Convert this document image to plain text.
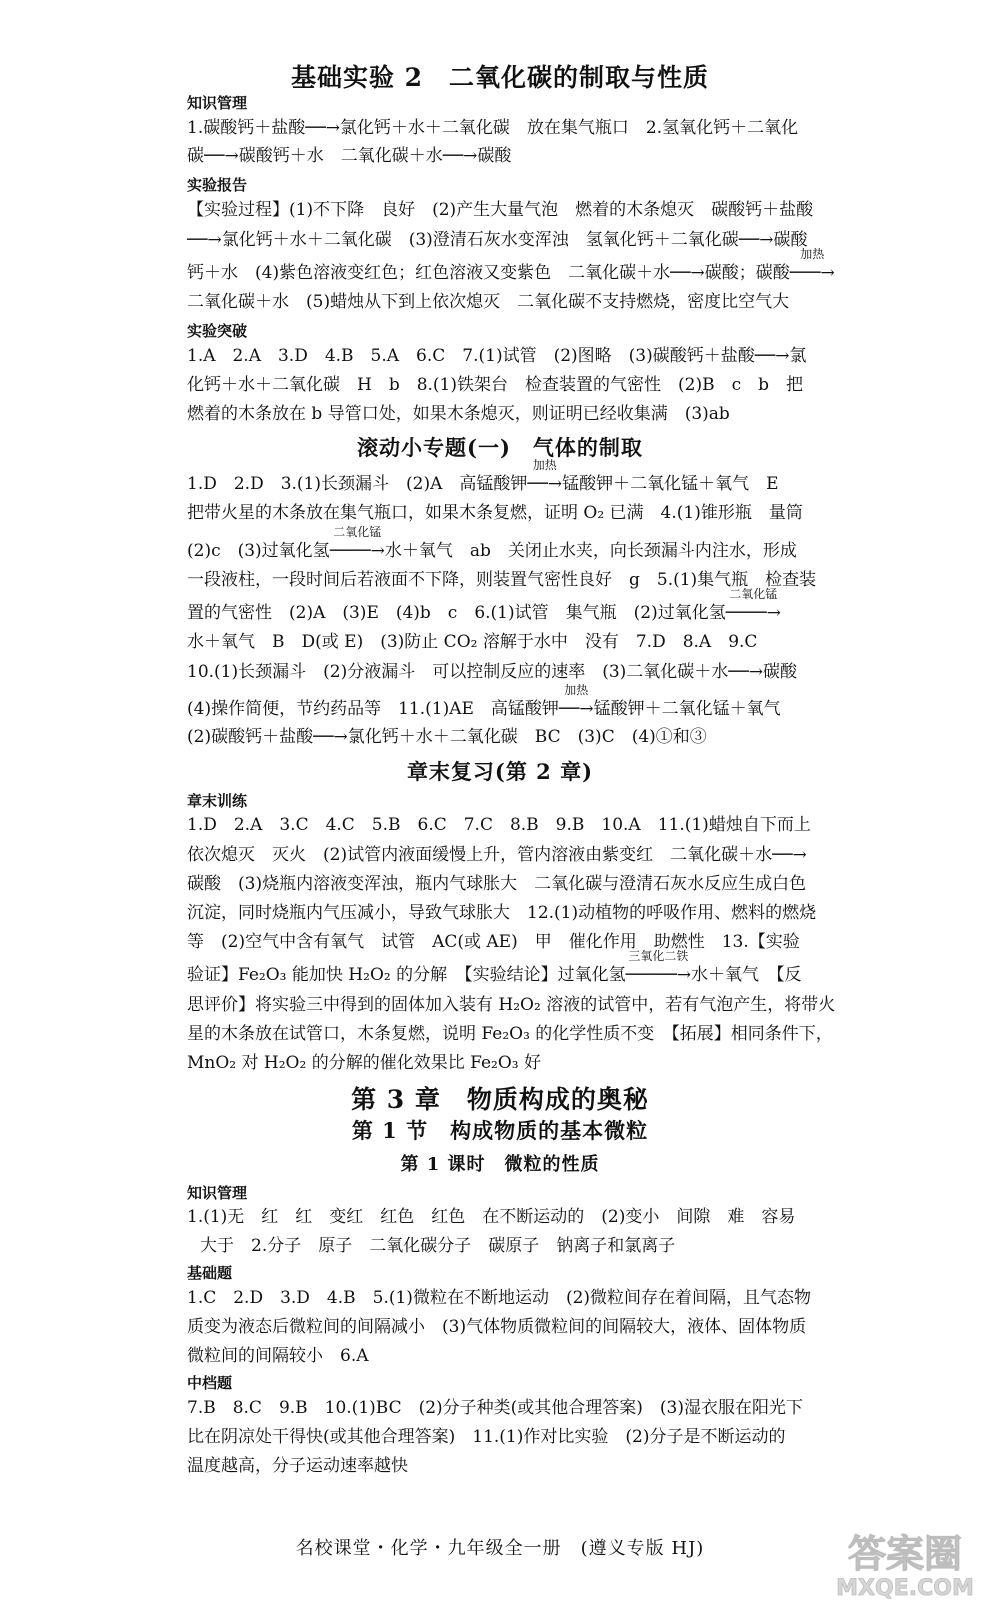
基础实验 2　二氧化碳的制取与性质
知识管理
1.碳酸钙＋盐酸──→氯化钙＋水＋二氧化碳　放在集气瓶口　2.氢氧化钙＋二氧化
碳──→碳酸钙＋水　二氧化碳＋水──→碳酸
实验报告
【实验过程】(1)不下降　良好　(2)产生大量气泡　燃着的木条熄灭　碳酸钙＋盐酸
──→氯化钙＋水＋二氧化碳　(3)澄清石灰水变浑浊　氢氧化钙＋二氧化碳──→碳酸
钙＋水　(4)紫色溶液变红色；红色溶液又变紫色　二氧化碳＋水──→碳酸；碳酸
加热
───→
二氧化碳＋水　(5)蜡烛从下到上依次熄灭　二氧化碳不支持燃烧，密度比空气大
实验突破
1.A　2.A　3.D　4.B　5.A　6.C　7.(1)试管　(2)图略　(3)碳酸钙＋盐酸──→氯
化钙＋水＋二氧化碳　H　b　8.(1)铁架台　检查装置的气密性　(2)B　c　b　把
燃着的木条放在 b 导管口处，如果木条熄灭，则证明已经收集满　(3)ab
滚动小专题(一)　气体的制取
1.D　2.D　3.(1)长颈漏斗　(2)A　高锰酸钾
加热
──→锰酸钾＋二氧化锰＋氧气　E
把带火星的木条放在集气瓶口，如果木条复燃，证明 O₂ 已满　4.(1)锥形瓶　量筒
(2)c　(3)过氧化氢
二氧化锰
────→水＋氧气　ab　关闭止水夹，向长颈漏斗内注水，形成
一段液柱，一段时间后若液面不下降，则装置气密性良好　g　5.(1)集气瓶　检查装
置的气密性　(2)A　(3)E　(4)b　c　6.(1)试管　集气瓶　(2)过氧化氢
二氧化锰
────→
水＋氧气　B　D(或 E)　(3)防止 CO₂ 溶解于水中　没有　7.D　8.A　9.C
10.(1)长颈漏斗　(2)分液漏斗　可以控制反应的速率　(3)二氧化碳＋水──→碳酸
(4)操作简便，节约药品等　11.(1)AE　高锰酸钾
加热
──→锰酸钾＋二氧化锰＋氧气
(2)碳酸钙＋盐酸──→氯化钙＋水＋二氧化碳　BC　(3)C　(4)①和③
章末复习(第 2 章)
章末训练
1.D　2.A　3.C　4.C　5.B　6.C　7.C　8.B　9.B　10.A　11.(1)蜡烛自下而上
依次熄灭　灭火　(2)试管内液面缓慢上升，管内溶液由紫变红　二氧化碳＋水──→
碳酸　(3)烧瓶内溶液变浑浊，瓶内气球胀大　二氧化碳与澄清石灰水反应生成白色
沉淀，同时烧瓶内气压减小，导致气球胀大　12.(1)动植物的呼吸作用、燃料的燃烧
等　(2)空气中含有氧气　试管　AC(或 AE)　甲　催化作用　助燃性　13.【实验
验证】Fe₂O₃ 能加快 H₂O₂ 的分解　【实验结论】过氧化氢
三氧化二铁
─────→水＋氧气　【反
思评价】将实验三中得到的固体加入装有 H₂O₂ 溶液的试管中，若有气泡产生，将带火
星的木条放在试管口，木条复燃，说明 Fe₂O₃ 的化学性质不变　【拓展】相同条件下，
MnO₂ 对 H₂O₂ 的分解的催化效果比 Fe₂O₃ 好
第 3 章　物质构成的奥秘
第 1 节　构成物质的基本微粒
第 1 课时　微粒的性质
知识管理
1.(1)无　红　红　变红　红色　红色　在不断运动的　(2)变小　间隙　难　容易
大于　2.分子　原子　二氧化碳分子　碳原子　钠离子和氯离子
基础题
1.C　2.D　3.D　4.B　5.(1)微粒在不断地运动　(2)微粒间存在着间隔，且气态物
质变为液态后微粒间的间隔减小　(3)气体物质微粒间的间隔较大，液体、固体物质
微粒间的间隔较小　6.A
中档题
7.B　8.C　9.B　10.(1)BC　(2)分子种类(或其他合理答案)　(3)湿衣服在阳光下
比在阴凉处干得快(或其他合理答案)　11.(1)作对比实验　(2)分子是不断运动的
温度越高，分子运动速率越快
名校课堂・化学・九年级全一册　(遵义专版 HJ)	答案圈
MXQE.COM
